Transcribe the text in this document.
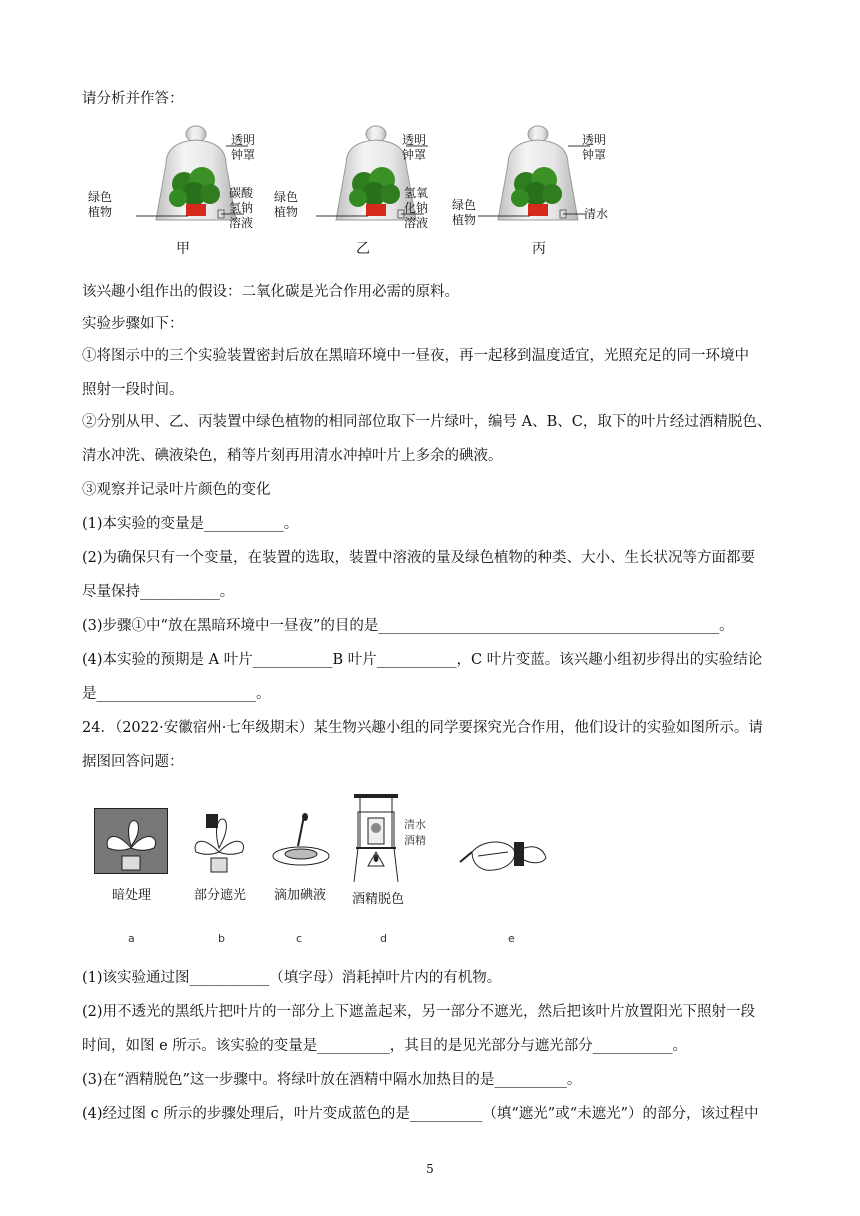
请分析并作答：
绿色
植物
透明
钟罩
碳酸
氢钠
溶液
甲
绿色
植物
透明
钟罩
氢氧
化钠
溶液
乙
绿色
植物
透明
钟罩
清水
丙
该兴趣小组作出的假设：二氧化碳是光合作用必需的原料。
实验步骤如下：
①将图示中的三个实验装置密封后放在黑暗环境中一昼夜，再一起移到温度适宜，光照充足的同一环境中
照射一段时间。
②分别从甲、乙、丙装置中绿色植物的相同部位取下一片绿叶，编号 A、B、C，取下的叶片经过酒精脱色、
清水冲洗、碘液染色，稍等片刻再用清水冲掉叶片上多余的碘液。
③观察并记录叶片颜色的变化
(1)本实验的变量是___________。
(2)为确保只有一个变量，在装置的选取，装置中溶液的量及绿色植物的种类、大小、生长状况等方面都要
尽量保持___________。
(3)步骤①中“放在黑暗环境中一昼夜”的目的是_______________________________________________。
(4)本实验的预期是 A 叶片___________B 叶片___________，C 叶片变蓝。该兴趣小组初步得出的实验结论
是______________________。
24．（2022·安徽宿州·七年级期末）某生物兴趣小组的同学要探究光合作用，他们设计的实验如图所示。请
据图回答问题：
暗处理	部分遮光 滴加碘液
清水
酒精
酒精脱色
a	b	c	d	e
(1)该实验通过图___________（填字母）消耗掉叶片内的有机物。
(2)用不透光的黑纸片把叶片的一部分上下遮盖起来，另一部分不遮光，然后把该叶片放置阳光下照射一段
时间，如图 e 所示。该实验的变量是__________，其目的是见光部分与遮光部分___________。
(3)在“酒精脱色”这一步骤中。将绿叶放在酒精中隔水加热目的是__________。
(4)经过图 c 所示的步骤处理后，叶片变成蓝色的是__________（填“遮光”或“未遮光”）的部分，该过程中
5
